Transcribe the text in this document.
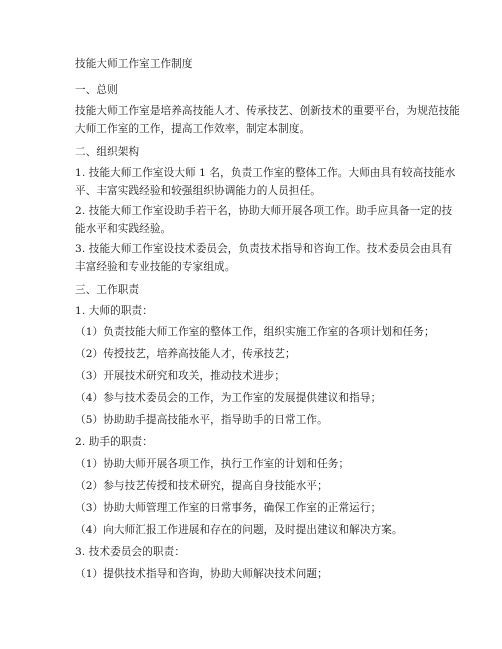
技能大师工作室工作制度
一、总则
技能大师工作室是培养高技能人才、传承技艺、创新技术的重要平台，为规范技能
大师工作室的工作，提高工作效率，制定本制度。
二、组织架构
1. 技能大师工作室设大师 1 名，负责工作室的整体工作。大师由具有较高技能水
平、丰富实践经验和较强组织协调能力的人员担任。
2. 技能大师工作室设助手若干名，协助大师开展各项工作。助手应具备一定的技
能水平和实践经验。
3. 技能大师工作室设技术委员会，负责技术指导和咨询工作。技术委员会由具有
丰富经验和专业技能的专家组成。
三、工作职责
1. 大师的职责：
（1）负责技能大师工作室的整体工作，组织实施工作室的各项计划和任务；
（2）传授技艺，培养高技能人才，传承技艺；
（3）开展技术研究和攻关，推动技术进步；
（4）参与技术委员会的工作，为工作室的发展提供建议和指导；
（5）协助助手提高技能水平，指导助手的日常工作。
2. 助手的职责：
（1）协助大师开展各项工作，执行工作室的计划和任务；
（2）参与技艺传授和技术研究，提高自身技能水平；
（3）协助大师管理工作室的日常事务，确保工作室的正常运行；
（4）向大师汇报工作进展和存在的问题，及时提出建议和解决方案。
3. 技术委员会的职责：
（1）提供技术指导和咨询，协助大师解决技术问题；
